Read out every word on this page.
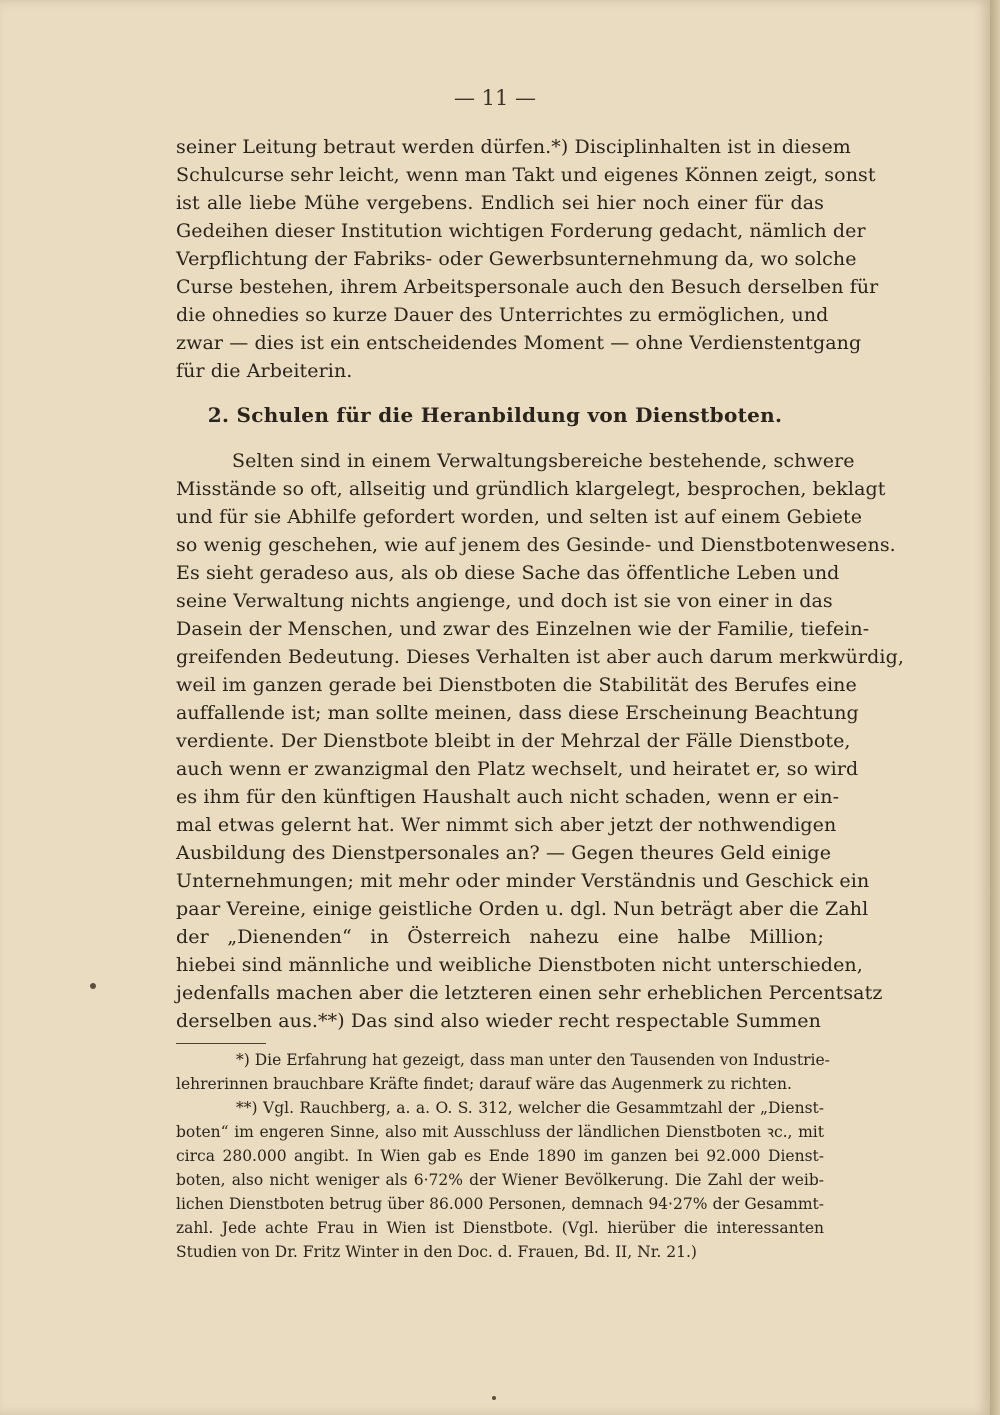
— 11 —
seiner Leitung betraut werden dürfen.*) Disciplinhalten ist in diesem
Schulcurse sehr leicht, wenn man Takt und eigenes Können zeigt, sonst
ist alle liebe Mühe vergebens. Endlich sei hier noch einer für das
Gedeihen dieser Institution wichtigen Forderung gedacht, nämlich der
Verpflichtung der Fabriks- oder Gewerbsunternehmung da, wo solche
Curse bestehen, ihrem Arbeitspersonale auch den Besuch derselben für
die ohnedies so kurze Dauer des Unterrichtes zu ermöglichen, und
zwar — dies ist ein entscheidendes Moment — ohne Verdienstentgang
für die Arbeiterin.
2. Schulen für die Heranbildung von Dienstboten.
Selten sind in einem Verwaltungsbereiche bestehende, schwere
Misstände so oft, allseitig und gründlich klargelegt, besprochen, beklagt
und für sie Abhilfe gefordert worden, und selten ist auf einem Gebiete
so wenig geschehen, wie auf jenem des Gesinde- und Dienstbotenwesens.
Es sieht geradeso aus, als ob diese Sache das öffentliche Leben und
seine Verwaltung nichts angienge, und doch ist sie von einer in das
Dasein der Menschen, und zwar des Einzelnen wie der Familie, tiefein-
greifenden Bedeutung. Dieses Verhalten ist aber auch darum merkwürdig,
weil im ganzen gerade bei Dienstboten die Stabilität des Berufes eine
auffallende ist; man sollte meinen, dass diese Erscheinung Beachtung
verdiente. Der Dienstbote bleibt in der Mehrzal der Fälle Dienstbote,
auch wenn er zwanzigmal den Platz wechselt, und heiratet er, so wird
es ihm für den künftigen Haushalt auch nicht schaden, wenn er ein-
mal etwas gelernt hat. Wer nimmt sich aber jetzt der nothwendigen
Ausbildung des Dienstpersonales an? — Gegen theures Geld einige
Unternehmungen; mit mehr oder minder Verständnis und Geschick ein
paar Vereine, einige geistliche Orden u. dgl. Nun beträgt aber die Zahl
der „Dienenden“ in Österreich nahezu eine halbe Million;
hiebei sind männliche und weibliche Dienstboten nicht unterschieden,
jedenfalls machen aber die letzteren einen sehr erheblichen Percentsatz
derselben aus.**) Das sind also wieder recht respectable Summen
*) Die Erfahrung hat gezeigt, dass man unter den Tausenden von Industrie-
lehrerinnen brauchbare Kräfte findet; darauf wäre das Augenmerk zu richten.
**) Vgl. Rauchberg, a. a. O. S. 312, welcher die Gesammtzahl der „Dienst-
boten“ im engeren Sinne, also mit Ausschluss der ländlichen Dienstboten ꝛc., mit
circa 280.000 angibt. In Wien gab es Ende 1890 im ganzen bei 92.000 Dienst-
boten, also nicht weniger als 6·72% der Wiener Bevölkerung. Die Zahl der weib-
lichen Dienstboten betrug über 86.000 Personen, demnach 94·27% der Gesammt-
zahl. Jede achte Frau in Wien ist Dienstbote. (Vgl. hierüber die interessanten
Studien von Dr. Fritz Winter in den Doc. d. Frauen, Bd. II, Nr. 21.)
